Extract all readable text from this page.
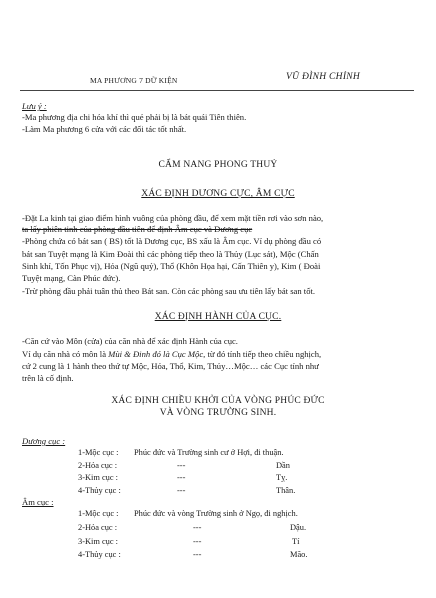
MA PHƯƠNG 7 DỮ KIỆN	VŨ ĐÌNH CHỈNH
Lưu ý :
-Ma phương địa chi hóa khí thì quẻ phải bị là bát quái Tiên thiên.
-Làm Ma phương 6 cửa với các đối tác tốt nhất.
CẨM NANG PHONG THUỶ
XÁC ĐỊNH DƯƠNG CỰC, ÂM CỰC
-Đặt La kinh tại giao điểm hình vuông của phòng đầu, để xem mặt tiền rơi vào sơn nào,
ta lấy phiên tinh của phòng đầu tiên để định Âm cục và Dương cục
-Phòng chứa có bát san ( BS) tốt là Dương cục, BS xấu là Âm cục. Ví dụ phòng đầu có
bát san Tuyệt mạng là Kim Đoài thì các phòng tiếp theo là Thủy (Lục sát), Mộc (Chấn
Sinh khí, Tốn Phục vị), Hỏa (Ngũ quỷ), Thổ (Khôn Họa hại, Cấn Thiên y), Kim ( Đoài
Tuyệt mạng, Càn Phúc đức).
-Trừ phòng đầu phải tuân thủ theo Bát san. Còn các phòng sau ưu tiên lấy bát san tốt.
XÁC ĐỊNH HÀNH CỦA CỤC.
-Căn cứ vào Môn (cửa) của căn nhà để xác định Hành của cục.
Ví dụ căn nhà có môn là Mùi & Đinh đó là Cục Mộc, từ đó tính tiếp theo chiều nghịch,
cứ 2 cung là 1 hành theo thứ tự Mộc, Hỏa, Thổ, Kim, Thủy…Mộc… các Cục tính như
trên là cố định.
XÁC ĐỊNH CHIỀU KHỞI CỦA VÒNG PHÚC ĐỨC
VÀ VÒNG TRƯỜNG SINH.
Dương cục :
1-Mộc cục : Phúc đức và Trường sinh cư ở Hợi, đi thuận.
2-Hỏa cục :	---	Dần
3-Kim cục :	---	Tỵ.
4-Thủy cục :	---	Thân.
Âm cục :
1-Mộc cục : Phúc đức và vòng Trường sinh ở Ngọ, đi nghịch.
2-Hỏa cục :	---	Dậu.
3-Kim cục :	---	Tí
4-Thủy cục :	---	Mão.
